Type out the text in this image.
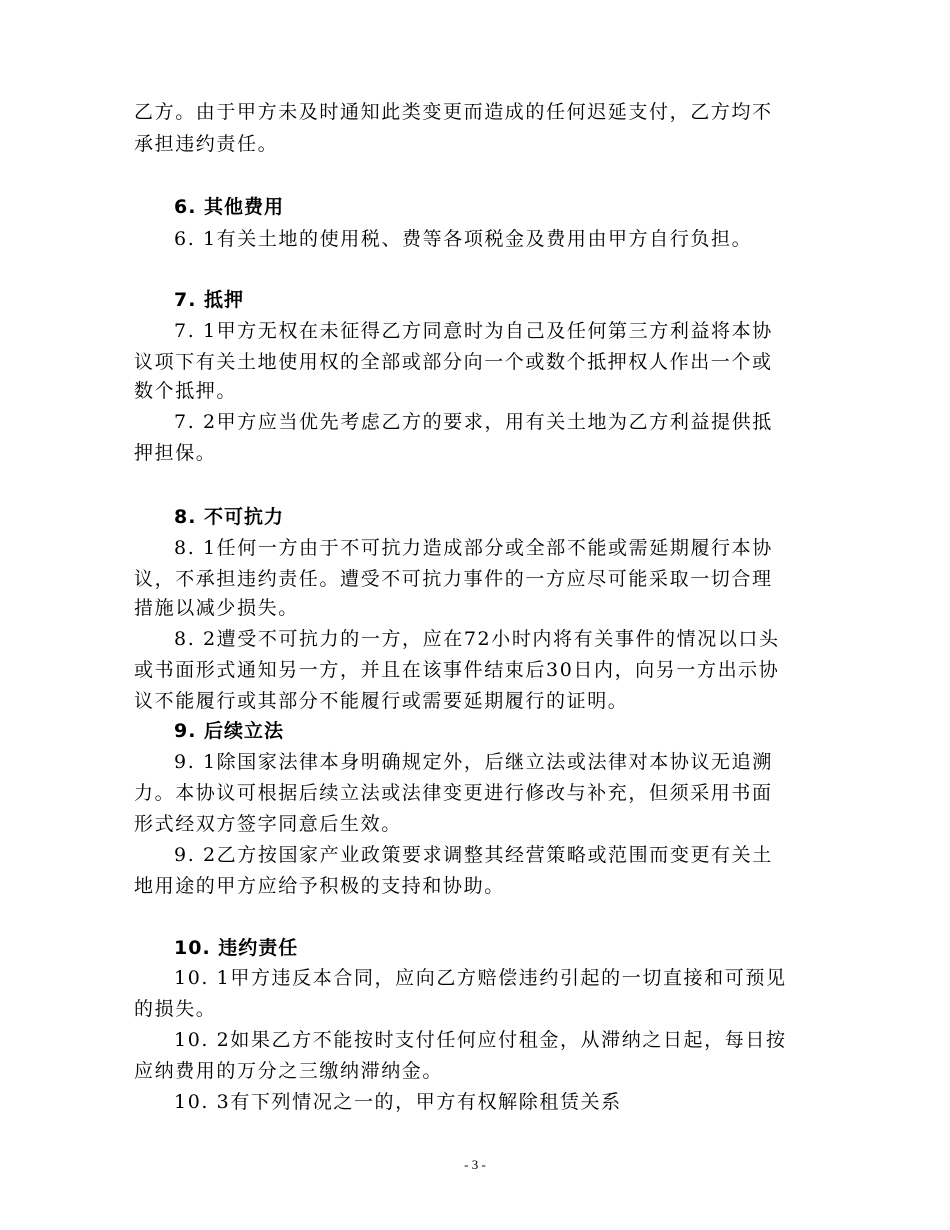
乙方。由于甲方未及时通知此类变更而造成的任何迟延支付，乙方均不
承担违约责任。
6. 其他费用
6. 1有关土地的使用税、费等各项税金及费用由甲方自行负担。
7. 抵押
7. 1甲方无权在未征得乙方同意时为自己及任何第三方利益将本协
议项下有关土地使用权的全部或部分向一个或数个抵押权人作出一个或
数个抵押。
7. 2甲方应当优先考虑乙方的要求，用有关土地为乙方利益提供抵
押担保。
8. 不可抗力
8. 1任何一方由于不可抗力造成部分或全部不能或需延期履行本协
议，不承担违约责任。遭受不可抗力事件的一方应尽可能采取一切合理
措施以减少损失。
8. 2遭受不可抗力的一方，应在72小时内将有关事件的情况以口头
或书面形式通知另一方，并且在该事件结束后30日内，向另一方出示协
议不能履行或其部分不能履行或需要延期履行的证明。
9. 后续立法
9. 1除国家法律本身明确规定外，后继立法或法律对本协议无追溯
力。本协议可根据后续立法或法律变更进行修改与补充，但须采用书面
形式经双方签字同意后生效。
9. 2乙方按国家产业政策要求调整其经营策略或范围而变更有关土
地用途的甲方应给予积极的支持和协助。
10. 违约责任
10. 1甲方违反本合同，应向乙方赔偿违约引起的一切直接和可预见
的损失。
10. 2如果乙方不能按时支付任何应付租金，从滞纳之日起，每日按
应纳费用的万分之三缴纳滞纳金。
10. 3有下列情况之一的，甲方有权解除租赁关系
- 3 -
